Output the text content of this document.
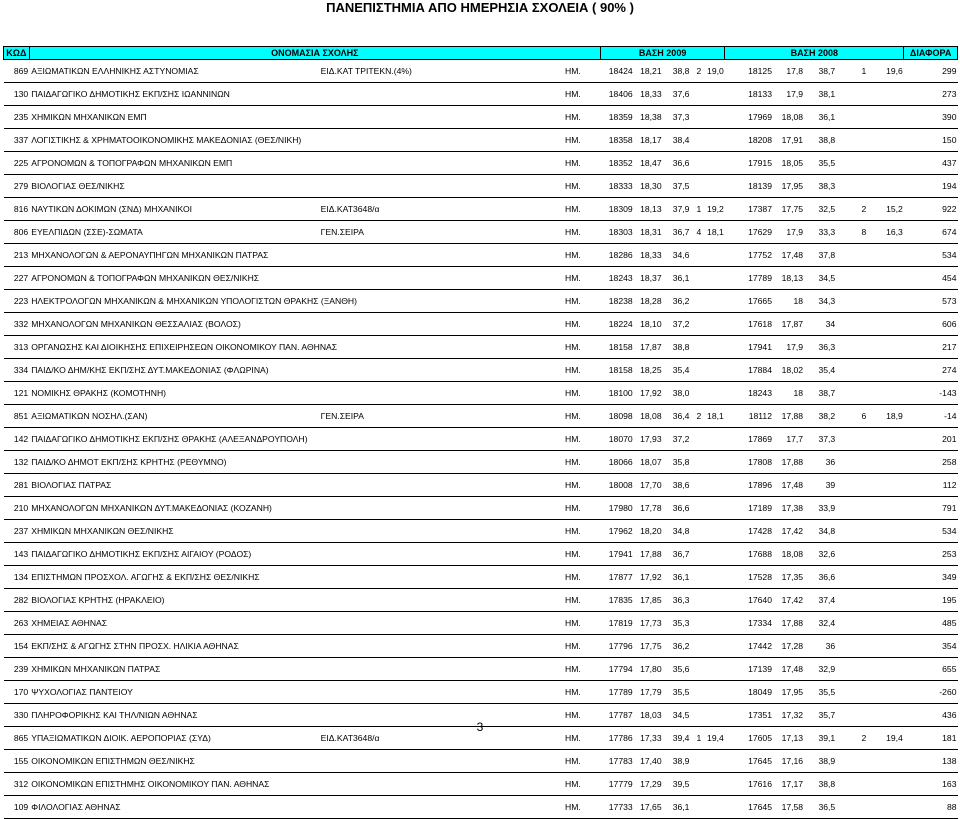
ΠΑΝΕΠΙΣΤΗΜΙΑ ΑΠΟ ΗΜΕΡΗΣΙΑ ΣΧΟΛΕΙΑ ( 90% )
ΚΩΔ	ΟΝΟΜΑΣΙΑ ΣΧΟΛΗΣ			ΒΑΣΗ 2009					ΒΑΣΗ 2008					ΔΙΑΦΟΡΑ
869	ΑΞΙΩΜΑΤΙΚΩΝ ΕΛΛΗΝΙΚΗΣ ΑΣΤΥΝΟΜΙΑΣ	ΕΙΔ.ΚΑΤ ΤΡΙΤΕΚΝ.(4%)	ΗΜ.	18424	18,21	38,8	2	19,0	18125	17,8	38,7	1	19,6	299
130	ΠΑΙΔΑΓΩΓΙΚΟ ΔΗΜΟΤΙΚΗΣ ΕΚΠ/ΣΗΣ ΙΩΑΝΝΙΝΩΝ		ΗΜ.	18406	18,33	37,6			18133	17,9	38,1			273
235	ΧΗΜΙΚΩΝ ΜΗΧΑΝΙΚΩΝ ΕΜΠ		ΗΜ.	18359	18,38	37,3			17969	18,08	36,1			390
337	ΛΟΓΙΣΤΙΚΗΣ & ΧΡΗΜΑΤΟΟΙΚΟΝΟΜΙΚΗΣ ΜΑΚΕΔΟΝΙΑΣ (ΘΕΣ/ΝΙΚΗ)		ΗΜ.	18358	18,17	38,4			18208	17,91	38,8			150
225	ΑΓΡΟΝΟΜΩΝ & ΤΟΠΟΓΡΑΦΩΝ ΜΗΧΑΝΙΚΩΝ ΕΜΠ		ΗΜ.	18352	18,47	36,6			17915	18,05	35,5			437
279	ΒΙΟΛΟΓΙΑΣ ΘΕΣ/ΝΙΚΗΣ		ΗΜ.	18333	18,30	37,5			18139	17,95	38,3			194
816	ΝΑΥΤΙΚΩΝ ΔΟΚΙΜΩΝ (ΣΝΔ) ΜΗΧΑΝΙΚΟΙ	ΕΙΔ.ΚΑΤ3648/α	ΗΜ.	18309	18,13	37,9	1	19,2	17387	17,75	32,5	2	15,2	922
806	ΕΥΕΛΠΙΔΩΝ (ΣΣΕ)-ΣΩΜΑΤΑ	ΓΕΝ.ΣΕΙΡΑ	ΗΜ.	18303	18,31	36,7	4	18,1	17629	17,9	33,3	8	16,3	674
213	ΜΗΧΑΝΟΛΟΓΩΝ & ΑΕΡΟΝΑΥΠΗΓΩΝ ΜΗΧΑΝΙΚΩΝ ΠΑΤΡΑΣ		ΗΜ.	18286	18,33	34,6			17752	17,48	37,8			534
227	ΑΓΡΟΝΟΜΩΝ & ΤΟΠΟΓΡΑΦΩΝ ΜΗΧΑΝΙΚΩΝ ΘΕΣ/ΝΙΚΗΣ		ΗΜ.	18243	18,37	36,1			17789	18,13	34,5			454
223	ΗΛΕΚΤΡΟΛΟΓΩΝ ΜΗΧΑΝΙΚΩΝ & ΜΗΧΑΝΙΚΩΝ ΥΠΟΛΟΓΙΣΤΩΝ ΘΡΑΚΗΣ (ΞΑΝΘΗ)		ΗΜ.	18238	18,28	36,2			17665	18	34,3			573
332	ΜΗΧΑΝΟΛΟΓΩΝ ΜΗΧΑΝΙΚΩΝ ΘΕΣΣΑΛΙΑΣ (ΒΟΛΟΣ)		ΗΜ.	18224	18,10	37,2			17618	17,87	34			606
313	ΟΡΓΑΝΩΣΗΣ ΚΑΙ ΔΙΟΙΚΗΣΗΣ ΕΠΙΧΕΙΡΗΣΕΩΝ ΟΙΚΟΝΟΜΙΚΟΥ ΠΑΝ. ΑΘΗΝΑΣ		ΗΜ.	18158	17,87	38,8			17941	17,9	36,3			217
334	ΠΑΙΔ/ΚΟ ΔΗΜ/ΚΗΣ ΕΚΠ/ΣΗΣ ΔΥΤ.ΜΑΚΕΔΟΝΙΑΣ (ΦΛΩΡΙΝΑ)		ΗΜ.	18158	18,25	35,4			17884	18,02	35,4			274
121	ΝΟΜΙΚΗΣ ΘΡΑΚΗΣ (ΚΟΜΟΤΗΝΗ)		ΗΜ.	18100	17,92	38,0			18243	18	38,7			-143
851	ΑΞΙΩΜΑΤΙΚΩΝ ΝΟΣΗΛ.(ΣΑΝ)	ΓΕΝ.ΣΕΙΡΑ	ΗΜ.	18098	18,08	36,4	2	18,1	18112	17,88	38,2	6	18,9	-14
142	ΠΑΙΔΑΓΩΓΙΚΟ ΔΗΜΟΤΙΚΗΣ ΕΚΠ/ΣΗΣ ΘΡΑΚΗΣ (ΑΛΕΞΑΝΔΡΟΥΠΟΛΗ)		ΗΜ.	18070	17,93	37,2			17869	17,7	37,3			201
132	ΠΑΙΔ/ΚΟ ΔΗΜΟΤ ΕΚΠ/ΣΗΣ ΚΡΗΤΗΣ (ΡΕΘΥΜΝΟ)		ΗΜ.	18066	18,07	35,8			17808	17,88	36			258
281	ΒΙΟΛΟΓΙΑΣ ΠΑΤΡΑΣ		ΗΜ.	18008	17,70	38,6			17896	17,48	39			112
210	ΜΗΧΑΝΟΛΟΓΩΝ ΜΗΧΑΝΙΚΩΝ ΔΥΤ.ΜΑΚΕΔΟΝΙΑΣ (ΚΟΖΑΝΗ)		ΗΜ.	17980	17,78	36,6			17189	17,38	33,9			791
237	ΧΗΜΙΚΩΝ ΜΗΧΑΝΙΚΩΝ ΘΕΣ/ΝΙΚΗΣ		ΗΜ.	17962	18,20	34,8			17428	17,42	34,8			534
143	ΠΑΙΔΑΓΩΓΙΚΟ ΔΗΜΟΤΙΚΗΣ ΕΚΠ/ΣΗΣ ΑΙΓΑΙΟΥ (ΡΟΔΟΣ)		ΗΜ.	17941	17,88	36,7			17688	18,08	32,6			253
134	ΕΠΙΣΤΗΜΩΝ ΠΡΟΣΧΟΛ. ΑΓΩΓΗΣ & ΕΚΠ/ΣΗΣ ΘΕΣ/ΝΙΚΗΣ		ΗΜ.	17877	17,92	36,1			17528	17,35	36,6			349
282	ΒΙΟΛΟΓΙΑΣ ΚΡΗΤΗΣ (ΗΡΑΚΛΕΙΟ)		ΗΜ.	17835	17,85	36,3			17640	17,42	37,4			195
263	ΧΗΜΕΙΑΣ ΑΘΗΝΑΣ		ΗΜ.	17819	17,73	35,3			17334	17,88	32,4			485
154	ΕΚΠ/ΣΗΣ & ΑΓΩΓΗΣ ΣΤΗΝ ΠΡΟΣΧ. ΗΛΙΚΙΑ ΑΘΗΝΑΣ		ΗΜ.	17796	17,75	36,2			17442	17,28	36			354
239	ΧΗΜΙΚΩΝ ΜΗΧΑΝΙΚΩΝ ΠΑΤΡΑΣ		ΗΜ.	17794	17,80	35,6			17139	17,48	32,9			655
170	ΨΥΧΟΛΟΓΙΑΣ ΠΑΝΤΕΙΟΥ		ΗΜ.	17789	17,79	35,5			18049	17,95	35,5			-260
330	ΠΛΗΡΟΦΟΡΙΚΗΣ ΚΑΙ ΤΗΛ/ΝΙΩΝ ΑΘΗΝΑΣ		ΗΜ.	17787	18,03	34,5			17351	17,32	35,7			436
865	ΥΠΑΞΙΩΜΑΤΙΚΩΝ ΔΙΟΙΚ. ΑΕΡΟΠΟΡΙΑΣ (ΣΥΔ)	ΕΙΔ.ΚΑΤ3648/α	ΗΜ.	17786	17,33	39,4	1	19,4	17605	17,13	39,1	2	19,4	181
155	ΟΙΚΟΝΟΜΙΚΩΝ ΕΠΙΣΤΗΜΩΝ ΘΕΣ/ΝΙΚΗΣ		ΗΜ.	17783	17,40	38,9			17645	17,16	38,9			138
312	ΟΙΚΟΝΟΜΙΚΩΝ ΕΠΙΣΤΗΜΗΣ ΟΙΚΟΝΟΜΙΚΟΥ ΠΑΝ. ΑΘΗΝΑΣ		ΗΜ.	17779	17,29	39,5			17616	17,17	38,8			163
109	ΦΙΛΟΛΟΓΙΑΣ ΑΘΗΝΑΣ		ΗΜ.	17733	17,65	36,1			17645	17,58	36,5			88
3
